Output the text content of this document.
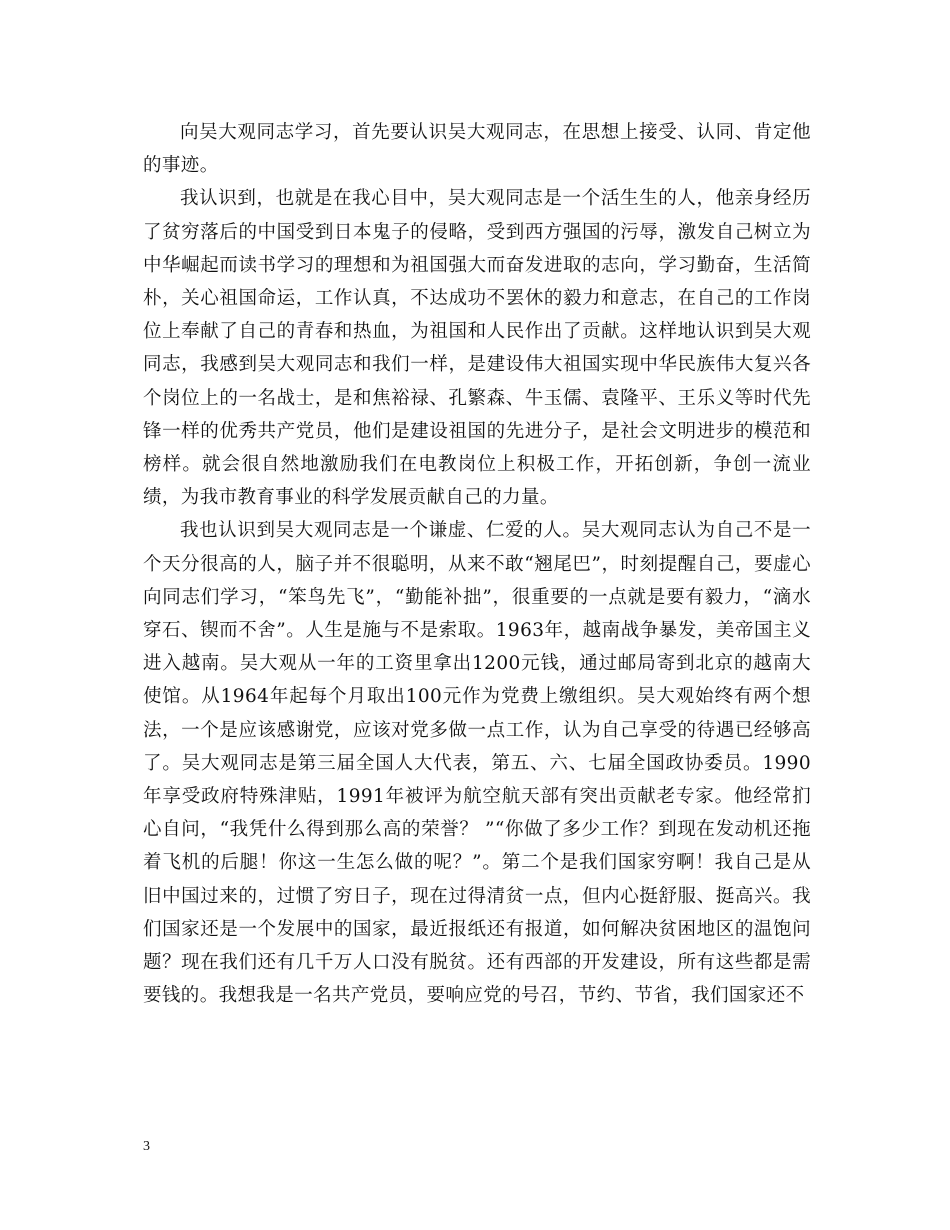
向吴大观同志学习，首先要认识吴大观同志，在思想上接受、认同、肯定他的事迹。

我认识到，也就是在我心目中，吴大观同志是一个活生生的人，他亲身经历了贫穷落后的中国受到日本鬼子的侵略，受到西方强国的污辱，激发自己树立为中华崛起而读书学习的理想和为祖国强大而奋发进取的志向，学习勤奋，生活简朴，关心祖国命运，工作认真，不达成功不罢休的毅力和意志，在自己的工作岗位上奉献了自己的青春和热血，为祖国和人民作出了贡献。这样地认识到吴大观同志，我感到吴大观同志和我们一样，是建设伟大祖国实现中华民族伟大复兴各个岗位上的一名战士，是和焦裕禄、孔繁森、牛玉儒、袁隆平、王乐义等时代先锋一样的优秀共产党员，他们是建设祖国的先进分子，是社会文明进步的模范和榜样。就会很自然地激励我们在电教岗位上积极工作，开拓创新，争创一流业绩，为我市教育事业的科学发展贡献自己的力量。

我也认识到吴大观同志是一个谦虚、仁爱的人。吴大观同志认为自己不是一个天分很高的人，脑子并不很聪明，从来不敢“翘尾巴”，时刻提醒自己，要虚心向同志们学习，“笨鸟先飞”，“勤能补拙”，很重要的一点就是要有毅力，“滴水穿石、锲而不舍”。人生是施与不是索取。1963年，越南战争暴发，美帝国主义进入越南。吴大观从一年的工资里拿出1200元钱，通过邮局寄到北京的越南大使馆。从1964年起每个月取出100元作为党费上缴组织。吴大观始终有两个想法，一个是应该感谢党，应该对党多做一点工作，认为自己享受的待遇已经够高了。吴大观同志是第三届全国人大代表，第五、六、七届全国政协委员。1990年享受政府特殊津贴，1991年被评为航空航天部有突出贡献老专家。他经常扪心自问，“我凭什么得到那么高的荣誉？ ”“你做了多少工作？到现在发动机还拖着飞机的后腿！你这一生怎么做的呢？”。第二个是我们国家穷啊！我自己是从旧中国过来的，过惯了穷日子，现在过得清贫一点，但内心挺舒服、挺高兴。我们国家还是一个发展中的国家，最近报纸还有报道，如何解决贫困地区的温饱问题？现在我们还有几千万人口没有脱贫。还有西部的开发建设，所有这些都是需要钱的。我想我是一名共产党员，要响应党的号召，节约、节省，我们国家还不

3
